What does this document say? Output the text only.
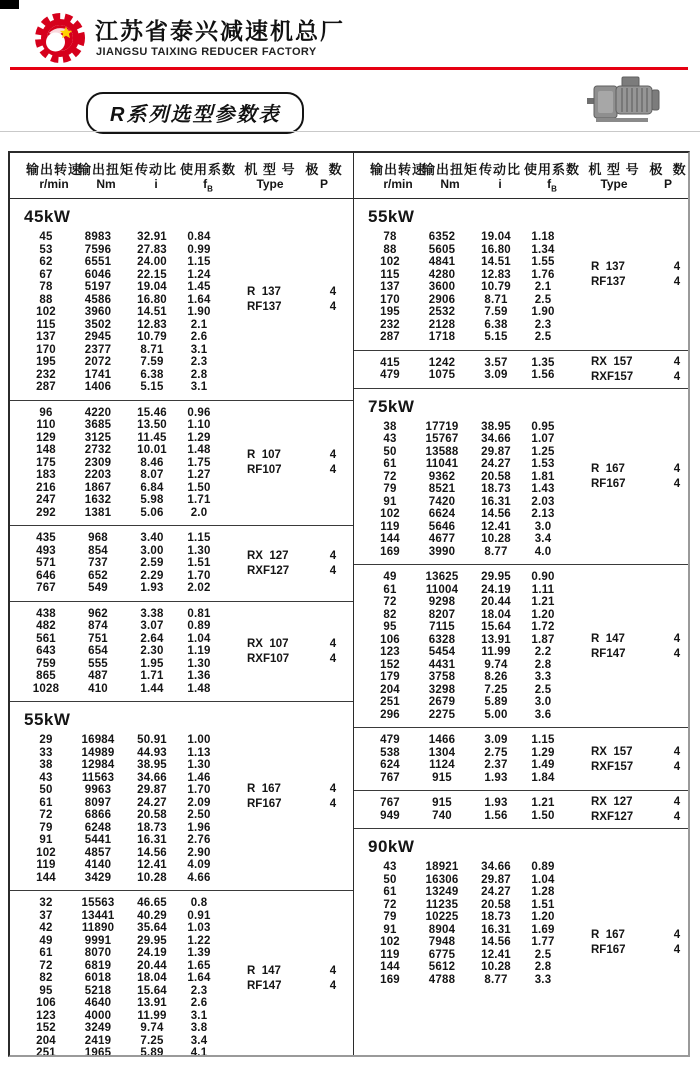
江苏省泰兴减速机总厂
JIANGSU TAIXING REDUCER FACTORY
R系列选型参数表
输出转速
输出扭矩 传动比 使用系数 机 型 号 极  数
r/min Nm	i	$f_B$	Type	P
45kW
45	8983 32.91 0.84
53	7596 27.83 0.99
62	6551 24.00 1.15
67	6046 22.15 1.24
78	5197 19.04 1.45
88	4586 16.80 1.64
102	3960 14.51 1.90
115	3502 12.83 2.1
137	2945 10.79 2.6
170	2377	8.71 3.1
195	2072	7.59 2.3
232	1741	6.38 2.8
287	1406	5.15 3.1
R  137	4
RF137	4
96	4220 15.46 0.96
110	3685 13.50 1.10
129	3125 11.45 1.29
148	2732 10.01 1.48
175	2309	8.46 1.75
183	2203	8.07 1.27
216	1867	6.84 1.50
247	1632	5.98 1.71
292	1381	5.06 2.0
R  107	4
RF107	4
435	968	3.40 1.15
493	854	3.00 1.30
571	737	2.59 1.51
646	652	2.29 1.70
767	549	1.93 2.02
RX  127	4
RXF127	4
438	962	3.38 0.81
482	874	3.07 0.89
561	751	2.64 1.04
643	654	2.30 1.19
759	555	1.95 1.30
865	487	1.71 1.36
1028	410	1.44 1.48
RX  107	4
RXF107	4
55kW
29	16984 50.91 1.00
33	14989 44.93 1.13
38	12984 38.95 1.30
43	11563 34.66 1.46
50	9963 29.87 1.70
61	8097 24.27 2.09
72	6866 20.58 2.50
79	6248 18.73 1.96
91	5441 16.31 2.76
102	4857 14.56 2.90
119	4140 12.41 4.09
144	3429 10.28 4.66
R  167	4
RF167	4
32	15563 46.65 0.8
37	13441 40.29 0.91
42	11890 35.64 1.03
49	9991 29.95 1.22
61	8070 24.19 1.39
72	6819 20.44 1.65
82	6018 18.04 1.64
95	5218 15.64 2.3
106	4640 13.91 2.6
123	4000 11.99 3.1
152	3249	9.74 3.8
204	2419	7.25 3.4
251	1965	5.89 4.1
R  147	4
RF147	4
输出转速
输出扭矩 传动比 使用系数 机 型 号 极  数
r/min Nm	i	$f_B$	Type	P
55kW
78	6352 19.04 1.18
88	5605 16.80 1.34
102	4841 14.51 1.55
115	4280 12.83 1.76
137	3600 10.79 2.1
170	2906	8.71 2.5
195	2532	7.59 1.90
232	2128	6.38 2.3
287	1718	5.15 2.5
R  137	4
RF137	4
415	1242	3.57 1.35
479	1075	3.09 1.56
RX  157	4
RXF157	4
75kW
38	17719 38.95 0.95
43	15767 34.66 1.07
50	13588 29.87 1.25
61	11041 24.27 1.53
72	9362 20.58 1.81
79	8521 18.73 1.43
91	7420 16.31 2.03
102	6624 14.56 2.13
119	5646 12.41 3.0
144	4677 10.28 3.4
169	3990	8.77 4.0
R  167	4
RF167	4
49	13625 29.95 0.90
61	11004 24.19 1.11
72	9298 20.44 1.21
82	8207 18.04 1.20
95	7115 15.64 1.72
106	6328 13.91 1.87
123	5454 11.99 2.2
152	4431	9.74 2.8
179	3758	8.26 3.3
204	3298	7.25 2.5
251	2679	5.89 3.0
296	2275	5.00 3.6
R  147	4
RF147	4
479	1466	3.09 1.15
538	1304	2.75 1.29
624	1124	2.37 1.49
767	915	1.93 1.84
RX  157	4
RXF157	4
767	915	1.93 1.21
949	740	1.56 1.50
RX  127	4
RXF127	4
90kW
43	18921 34.66 0.89
50	16306 29.87 1.04
61	13249 24.27 1.28
72	11235 20.58 1.51
79	10225 18.73 1.20
91	8904 16.31 1.69
102	7948 14.56 1.77
119	6775 12.41 2.5
144	5612 10.28 2.8
169	4788	8.77 3.3
R  167	4
RF167	4
